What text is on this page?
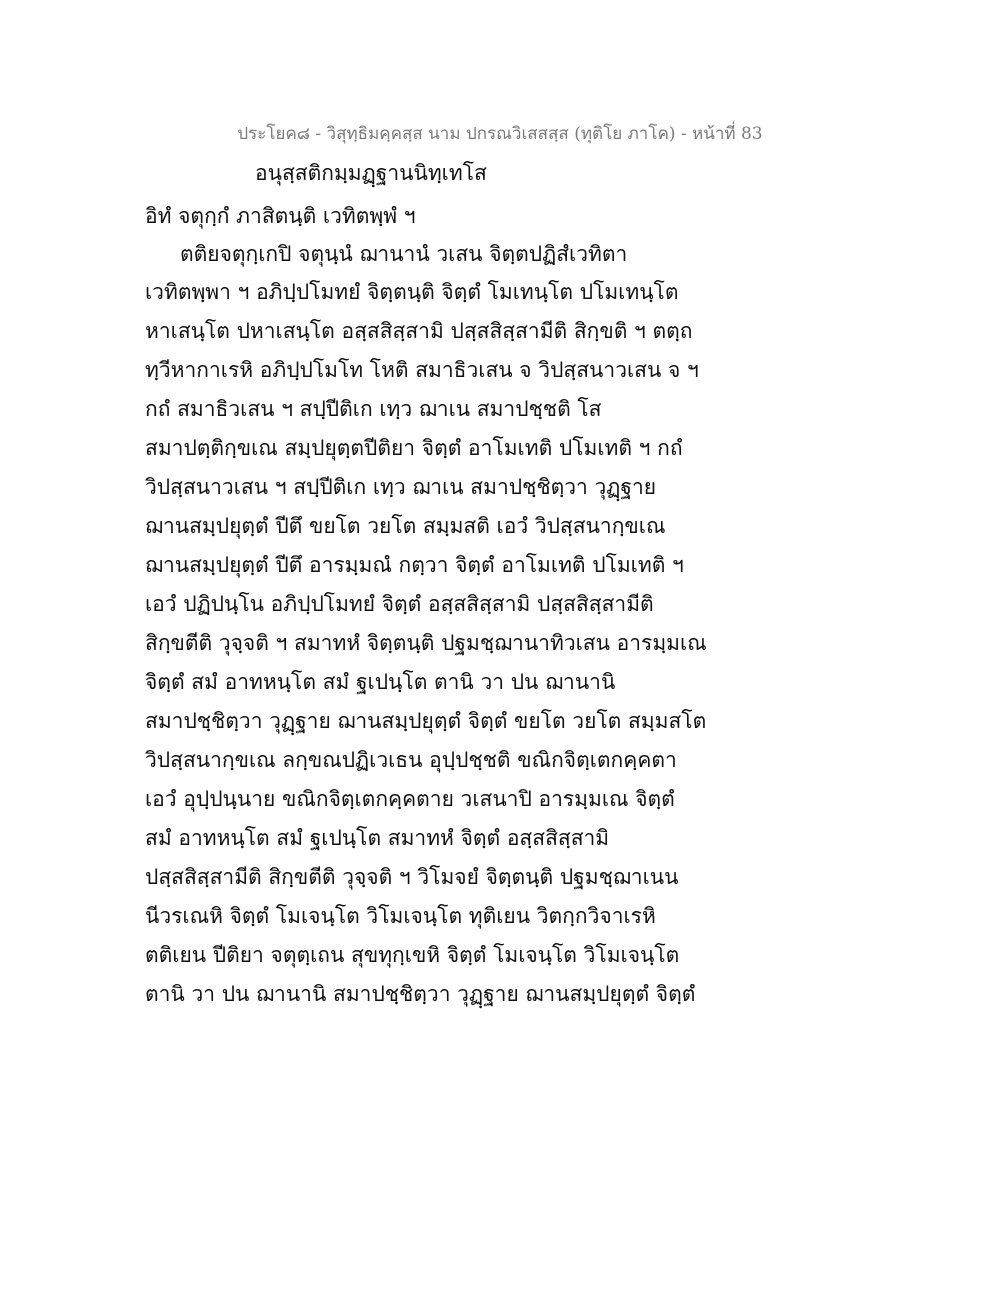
ประโยค๘ - วิสุทฺธิมคฺคสฺส นาม ปกรณวิเสสสฺส (ทุติโย ภาโค) - หน้าที่ 83
อนุสฺสติกมฺมฏฺฐานนิทฺเทโส
อิทํ จตุกฺกํ ภาสิตนฺติ เวทิตพฺพํ ฯ
ตติยจตุกฺเกปิ จตุนฺนํ ฌานานํ วเสน จิตฺตปฏิสํเวทิตา
เวทิตพฺพา ฯ อภิปฺปโมทยํ จิตฺตนฺติ จิตฺตํ โมเทนฺโต ปโมเทนฺโต
หาเสนฺโต ปหาเสนฺโต อสฺสสิสฺสามิ ปสฺสสิสฺสามีติ สิกฺขติ ฯ ตตฺถ
ทฺวีหากาเรหิ อภิปฺปโมโท โหติ สมาธิวเสน จ วิปสฺสนาวเสน จ ฯ
กถํ สมาธิวเสน ฯ สปฺปีติเก เทฺว ฌาเน สมาปชฺชติ โส
สมาปตฺติกฺขเณ สมฺปยุตฺตปีติยา จิตฺตํ อาโมเทติ ปโมเทติ ฯ กถํ
วิปสฺสนาวเสน ฯ สปฺปีติเก เทฺว ฌาเน สมาปชฺชิตฺวา วุฏฺฐาย
ฌานสมฺปยุตฺตํ ปีตึ ขยโต วยโต สมฺมสติ เอวํ วิปสฺสนากฺขเณ
ฌานสมฺปยุตฺตํ ปีตึ อารมฺมณํ กตฺวา จิตฺตํ อาโมเทติ ปโมเทติ ฯ
เอวํ ปฏิปนฺโน อภิปฺปโมทยํ จิตฺตํ อสฺสสิสฺสามิ ปสฺสสิสฺสามีติ
สิกฺขตีติ วุจฺจติ ฯ สมาทหํ จิตฺตนฺติ ปฐมชฺฌานาทิวเสน อารมฺมเณ
จิตฺตํ สมํ อาทหนฺโต สมํ ฐเปนฺโต ตานิ วา ปน ฌานานิ
สมาปชฺชิตฺวา วุฏฺฐาย ฌานสมฺปยุตฺตํ จิตฺตํ ขยโต วยโต สมฺมสโต
วิปสฺสนากฺขเณ ลกฺขณปฏิเวเธน อุปฺปชฺชติ ขณิกจิตฺเตกคฺคตา
เอวํ อุปฺปนฺนาย ขณิกจิตฺเตกคฺคตาย วเสนาปิ อารมฺมเณ จิตฺตํ
สมํ อาทหนฺโต สมํ ฐเปนฺโต สมาทหํ จิตฺตํ อสฺสสิสฺสามิ
ปสฺสสิสฺสามีติ สิกฺขตีติ วุจฺจติ ฯ วิโมจยํ จิตฺตนฺติ ปฐมชฺฌาเนน
นีวรเณหิ จิตฺตํ โมเจนฺโต วิโมเจนฺโต ทุติเยน วิตกฺกวิจาเรหิ
ตติเยน ปีติยา จตุตฺเถน สุขทุกฺเขหิ จิตฺตํ โมเจนฺโต วิโมเจนฺโต
ตานิ วา ปน ฌานานิ สมาปชฺชิตฺวา วุฏฺฐาย ฌานสมฺปยุตฺตํ จิตฺตํ
